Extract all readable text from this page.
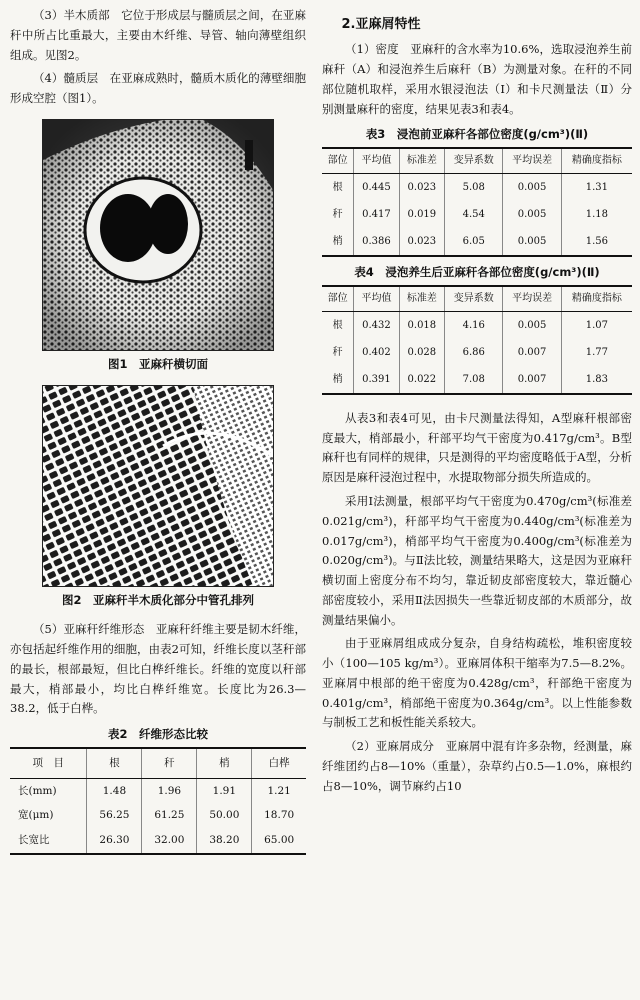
（3）半木质部　它位于形成层与髓质层之间，在亚麻秆中所占比重最大，主要由木纤维、导管、轴向薄壁组织组成。见图2。

（4）髓质层　在亚麻成熟时，髓质木质化的薄壁细胞形成空腔（图1）。

图1　亚麻秆横切面
图2　亚麻秆半木质化部分中管孔排列

（5）亚麻秆纤维形态　亚麻秆纤维主要是韧木纤维，亦包括起纤维作用的细胞，由表2可知，纤维长度以茎秆部的最长，根部最短，但比白桦纤维长。纤维的宽度以秆部最大，梢部最小，均比白桦纤维宽。长度比为26.3—38.2，低于白桦。

表2　纤维形态比较
项　目	根	秆	梢	白桦
长(mm)	1.48	1.96	1.91	1.21
宽(μm)	56.25	61.25	50.00	18.70
长宽比	26.30	32.00	38.20	65.00
2.亚麻屑特性

（1）密度　亚麻秆的含水率为10.6%，选取浸泡养生前麻秆（A）和浸泡养生后麻秆（B）为测量对象。在秆的不同部位随机取样，采用水银浸泡法（Ⅰ）和卡尺测量法（Ⅱ）分别测量麻秆的密度，结果见表3和表4。

表3　浸泡前亚麻秆各部位密度(g/cm³)(Ⅱ)
部位	平均值	标准差	变异系数	平均误差	精确度指标
根	0.445	0.023	5.08	0.005	1.31
秆	0.417	0.019	4.54	0.005	1.18
梢	0.386	0.023	6.05	0.005	1.56
表4　浸泡养生后亚麻秆各部位密度(g/cm³)(Ⅱ)
部位	平均值	标准差	变异系数	平均误差	精确度指标
根	0.432	0.018	4.16	0.005	1.07
秆	0.402	0.028	6.86	0.007	1.77
梢	0.391	0.022	7.08	0.007	1.83

从表3和表4可见，由卡尺测量法得知，A型麻秆根部密度最大，梢部最小，秆部平均气干密度为0.417g/cm³。B型麻秆也有同样的规律，只是测得的平均密度略低于A型，分析原因是麻秆浸泡过程中，水提取物部分损失所造成的。

采用Ⅰ法测量，根部平均气干密度为0.470g/cm³(标准差0.021g/cm³)，秆部平均气干密度为0.440g/cm³(标准差为0.017g/cm³)，梢部平均气干密度为0.400g/cm³(标准差为0.020g/cm³)。与Ⅱ法比较，测量结果略大，这是因为亚麻秆横切面上密度分布不均匀，靠近韧皮部密度较大，靠近髓心部密度较小，采用Ⅱ法因损失一些靠近韧皮部的木质部分，故测量结果偏小。

由于亚麻屑组成成分复杂，自身结构疏松，堆积密度较小（100—105 kg/m³）。亚麻屑体积干缩率为7.5—8.2%。亚麻屑中根部的绝干密度为0.428g/cm³，秆部绝干密度为0.401g/cm³，梢部绝干密度为0.364g/cm³。以上性能参数与制板工艺和板性能关系较大。

（2）亚麻屑成分　亚麻屑中混有许多杂物，经测量，麻纤维团约占8—10%（重量），杂草约占0.5—1.0%，麻根约占8—10%，调节麻约占10
